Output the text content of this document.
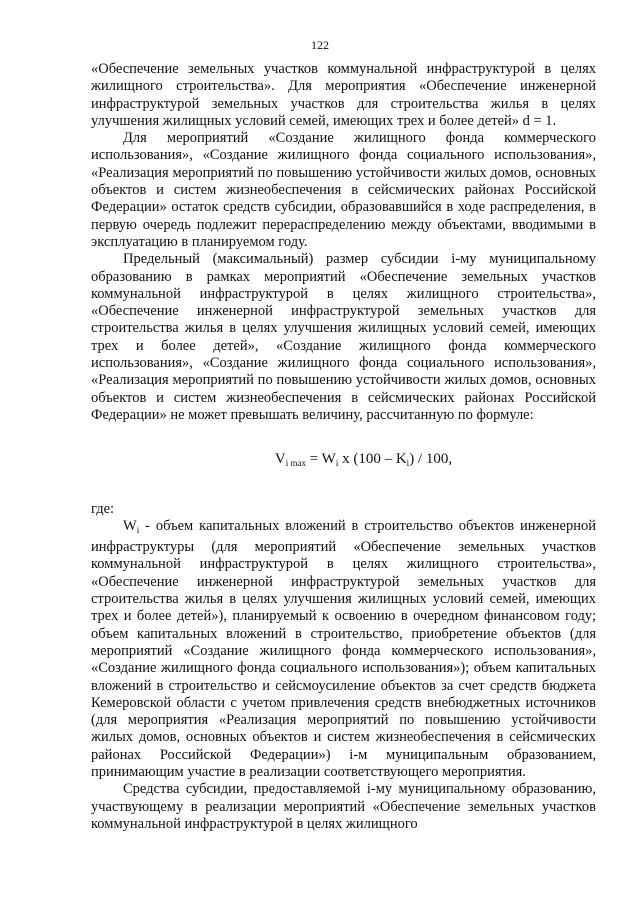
122

«Обеспечение земельных участков коммунальной инфраструктурой в целях жилищного строительства». Для мероприятия «Обеспечение инженерной инфраструктурой земельных участков для строительства жилья в целях улучшения жилищных условий семей, имеющих трех и более детей» d = 1.

Для мероприятий «Создание жилищного фонда коммерческого использования», «Создание жилищного фонда социального использования», «Реализация мероприятий по повышению устойчивости жилых домов, основных объектов и систем жизнеобеспечения в сейсмических районах Российской Федерации» остаток средств субсидии, образовавшийся в ходе распределения, в первую очередь подлежит перераспределению между объектами, вводимыми в эксплуатацию в планируемом году.

Предельный (максимальный) размер субсидии i-му муниципальному образованию в рамках мероприятий «Обеспечение земельных участков коммунальной инфраструктурой в целях жилищного строительства», «Обеспечение инженерной инфраструктурой земельных участков для строительства жилья в целях улучшения жилищных условий семей, имеющих трех и более детей», «Создание жилищного фонда коммерческого использования», «Создание жилищного фонда социального использования», «Реализация мероприятий по повышению устойчивости жилых домов, основных объектов и систем жизнеобеспечения в сейсмических районах Российской Федерации» не может превышать величину, рассчитанную по формуле:

$V_{i max} = W_i$ x $(100 - K_i) / 100$,

где:

$W_i$ - объем капитальных вложений в строительство объектов инженерной инфраструктуры (для мероприятий «Обеспечение земельных участков коммунальной инфраструктурой в целях жилищного строительства», «Обеспечение инженерной инфраструктурой земельных участков для строительства жилья в целях улучшения жилищных условий семей, имеющих трех и более детей»), планируемый к освоению в очередном финансовом году; объем капитальных вложений в строительство, приобретение объектов (для мероприятий «Создание жилищного фонда коммерческого использования», «Создание жилищного фонда социального использования»); объем капитальных вложений в строительство и сейсмоусиление объектов за счет средств бюджета Кемеровской области с учетом привлечения средств внебюджетных источников (для мероприятия «Реализация мероприятий по повышению устойчивости жилых домов, основных объектов и систем жизнеобеспечения в сейсмических районах Российской Федерации») i-м муниципальным образованием, принимающим участие в реализации соответствующего мероприятия.

Средства субсидии, предоставляемой i-му муниципальному образованию, участвующему в реализации мероприятий «Обеспечение земельных участков коммунальной инфраструктурой в целях жилищного
